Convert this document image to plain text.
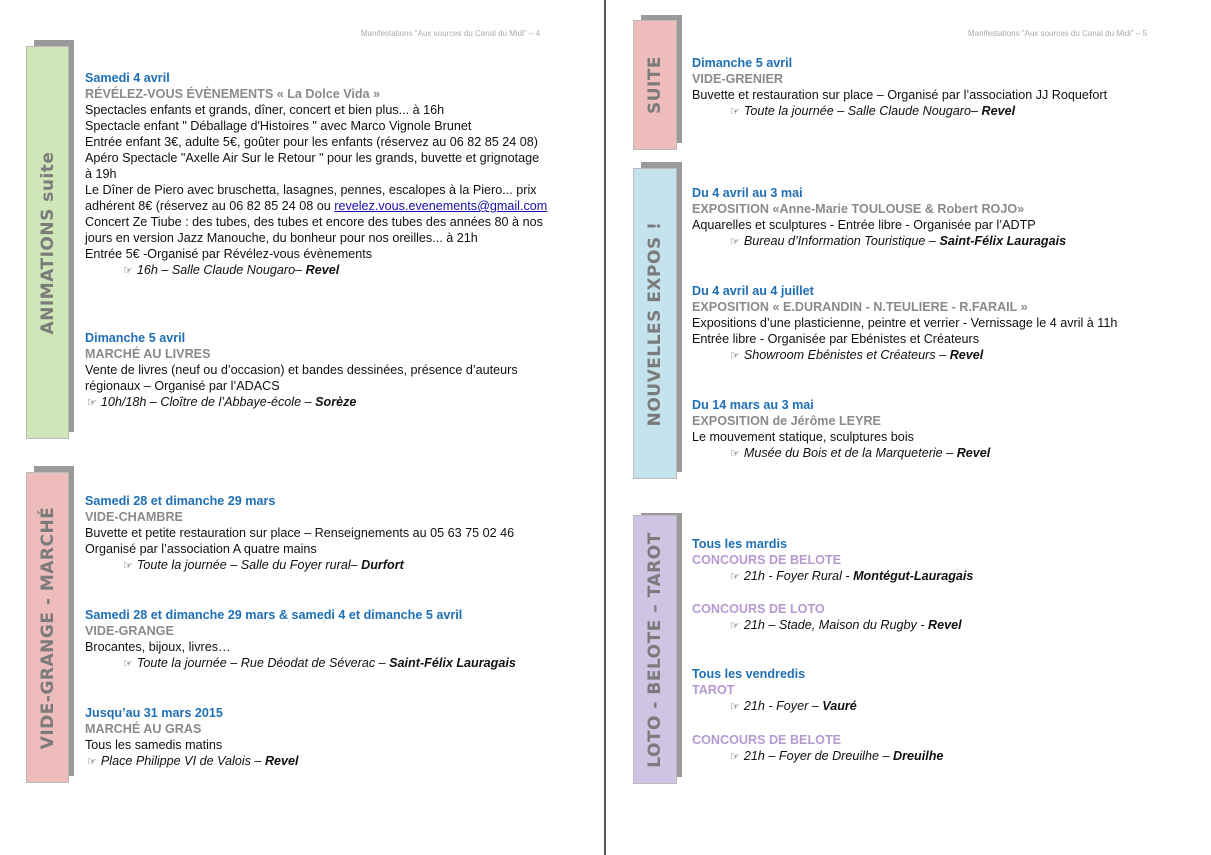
Manifestations "Aux sources du Canal du Midi" – 4	Manifestations "Aux sources du Canal du Midi" – 5
ANIMATIONS suite
VIDE-GRANGE - MARCHÉ
SUITE
NOUVELLES EXPOS !
LOTO - BELOTE – TAROT
Samedi 4 avril
RÉVÉLEZ-VOUS ÉVÈNEMENTS « La Dolce Vida »
Spectacles enfants et grands, dîner, concert et bien plus... à 16h
Spectacle enfant " Déballage d'Histoires " avec Marco Vignole Brunet
Entrée enfant 3€, adulte 5€, goûter pour les enfants (réservez au 06 82 85 24 08)
Apéro Spectacle "Axelle Air Sur le Retour " pour les grands, buvette et grignotage
à 19h
Le Dîner de Piero avec bruschetta, lasagnes, pennes, escalopes à la Piero... prix
adhérent 8€ (réservez au 06 82 85 24 08 ou revelez.vous.evenements@gmail.com
Concert Ze Tiube : des tubes, des tubes et encore des tubes des années 80 à nos
jours en version Jazz Manouche, du bonheur pour nos oreilles... à 21h
Entrée 5€ -Organisé par Révélez-vous évènements
☞ 16h – Salle Claude Nougaro– Revel
Dimanche 5 avril
MARCHÉ AU LIVRES
Vente de livres (neuf ou d’occasion) et bandes dessinées, présence d’auteurs
régionaux – Organisé par l’ADACS
☞ 10h/18h – Cloître de l’Abbaye-école – Sorèze
Samedi 28 et dimanche 29 mars
VIDE-CHAMBRE
Buvette et petite restauration sur place – Renseignements au 05 63 75 02 46
Organisé par l’association A quatre mains
☞ Toute la journée – Salle du Foyer rural– Durfort
Samedi 28 et dimanche 29 mars & samedi 4 et dimanche 5 avril
VIDE-GRANGE
Brocantes, bijoux, livres…
☞ Toute la journée – Rue Déodat de Séverac – Saint-Félix Lauragais
Jusqu’au 31 mars 2015
MARCHÉ AU GRAS
Tous les samedis matins
☞ Place Philippe VI de Valois – Revel
Dimanche 5 avril
VIDE-GRENIER
Buvette et restauration sur place – Organisé par l’association JJ Roquefort
☞ Toute la journée – Salle Claude Nougaro– Revel
Du 4 avril au 3 mai
EXPOSITION «Anne-Marie TOULOUSE & Robert ROJO»
Aquarelles et sculptures - Entrée libre - Organisée par l’ADTP
☞ Bureau d’Information Touristique – Saint-Félix Lauragais
Du 4 avril au 4 juillet
EXPOSITION « E.DURANDIN - N.TEULIERE - R.FARAIL »
Expositions d’une plasticienne, peintre et verrier - Vernissage le 4 avril à 11h
Entrée libre - Organisée par Ebénistes et Créateurs
☞ Showroom Ebénistes et Créateurs – Revel
Du 14 mars au 3 mai
EXPOSITION de Jérôme LEYRE
Le mouvement statique, sculptures bois
☞ Musée du Bois et de la Marqueterie – Revel
Tous les mardis
CONCOURS DE BELOTE
☞ 21h - Foyer Rural - Montégut-Lauragais
CONCOURS DE LOTO
☞ 21h – Stade, Maison du Rugby - Revel
Tous les vendredis
TAROT
☞ 21h - Foyer – Vauré
CONCOURS DE BELOTE
☞ 21h – Foyer de Dreuilhe – Dreuilhe
